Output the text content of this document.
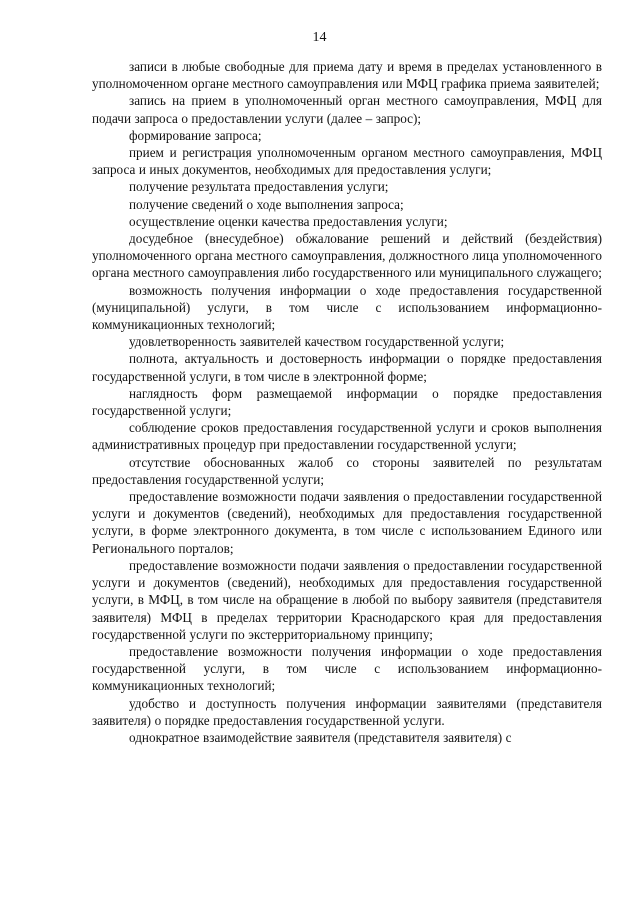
14

записи в любые свободные для приема дату и время в пределах установленного в уполномоченном органе местного самоуправления или МФЦ графика приема заявителей;

запись на прием в уполномоченный орган местного самоуправления, МФЦ для подачи запроса о предоставлении услуги (далее – запрос);

формирование запроса;

прием и регистрация уполномоченным органом местного самоуправления, МФЦ запроса и иных документов, необходимых для предоставления услуги;

получение результата предоставления услуги;

получение сведений о ходе выполнения запроса;

осуществление оценки качества предоставления услуги;

досудебное (внесудебное) обжалование решений и действий (бездействия) уполномоченного органа местного самоуправления, должностного лица уполномоченного органа местного самоуправления либо государственного или муниципального служащего;

возможность получения информации о ходе предоставления государственной (муниципальной) услуги, в том числе с использованием информационно-коммуникационных технологий;

удовлетворенность заявителей качеством государственной услуги;

полнота, актуальность и достоверность информации о порядке предоставления государственной услуги, в том числе в электронной форме;

наглядность форм размещаемой информации о порядке предоставления государственной услуги;

соблюдение сроков предоставления государственной услуги и сроков выполнения административных процедур при предоставлении государственной услуги;

отсутствие обоснованных жалоб со стороны заявителей по результатам предоставления государственной услуги;

предоставление возможности подачи заявления о предоставлении государственной услуги и документов (сведений), необходимых для предоставления государственной услуги, в форме электронного документа, в том числе с использованием Единого или Регионального порталов;

предоставление возможности подачи заявления о предоставлении государственной услуги и документов (сведений), необходимых для предоставления государственной услуги, в МФЦ, в том числе на обращение в любой по выбору заявителя (представителя заявителя) МФЦ в пределах территории Краснодарского края для предоставления государственной услуги по экстерриториальному принципу;

предоставление возможности получения информации о ходе предоставления государственной услуги, в том числе с использованием информационно-коммуникационных технологий;

удобство и доступность получения информации заявителями (представителя заявителя) о порядке предоставления государственной услуги.

однократное взаимодействие заявителя (представителя заявителя) с
